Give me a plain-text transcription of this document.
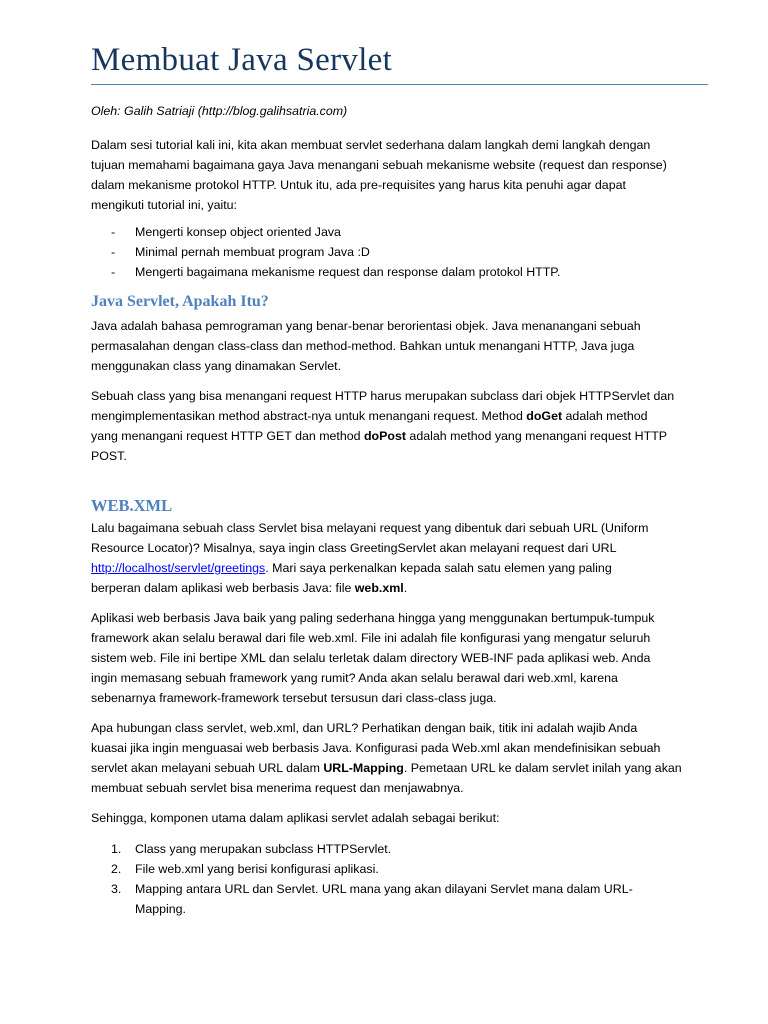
Membuat Java Servlet
Oleh: Galih Satriaji (http://blog.galihsatria.com)
Dalam sesi tutorial kali ini, kita akan membuat servlet sederhana dalam langkah demi langkah dengan
tujuan memahami bagaimana gaya Java menangani sebuah mekanisme website (request dan response)
dalam mekanisme protokol HTTP. Untuk itu, ada pre-requisites yang harus kita penuhi agar dapat
mengikuti tutorial ini, yaitu:
- Mengerti konsep object oriented Java
- Minimal pernah membuat program Java :D
- Mengerti bagaimana mekanisme request dan response dalam protokol HTTP.
Java Servlet, Apakah Itu?
Java adalah bahasa pemrograman yang benar-benar berorientasi objek. Java menanangani sebuah
permasalahan dengan class-class dan method-method. Bahkan untuk menangani HTTP, Java juga
menggunakan class yang dinamakan Servlet.
Sebuah class yang bisa menangani request HTTP harus merupakan subclass dari objek HTTPServlet dan
mengimplementasikan method abstract-nya untuk menangani request. Method doGet adalah method
yang menangani request HTTP GET dan method doPost adalah method yang menangani request HTTP
POST.
WEB.XML
Lalu bagaimana sebuah class Servlet bisa melayani request yang dibentuk dari sebuah URL (Uniform
Resource Locator)? Misalnya, saya ingin class GreetingServlet akan melayani request dari URL
http://localhost/servlet/greetings. Mari saya perkenalkan kepada salah satu elemen yang paling
berperan dalam aplikasi web berbasis Java: file web.xml.
Aplikasi web berbasis Java baik yang paling sederhana hingga yang menggunakan bertumpuk-tumpuk
framework akan selalu berawal dari file web.xml. File ini adalah file konfigurasi yang mengatur seluruh
sistem web. File ini bertipe XML dan selalu terletak dalam directory WEB-INF pada aplikasi web. Anda
ingin memasang sebuah framework yang rumit? Anda akan selalu berawal dari web.xml, karena
sebenarnya framework-framework tersebut tersusun dari class-class juga.
Apa hubungan class servlet, web.xml, dan URL? Perhatikan dengan baik, titik ini adalah wajib Anda
kuasai jika ingin menguasai web berbasis Java. Konfigurasi pada Web.xml akan mendefinisikan sebuah
servlet akan melayani sebuah URL dalam URL-Mapping. Pemetaan URL ke dalam servlet inilah yang akan
membuat sebuah servlet bisa menerima request dan menjawabnya.
Sehingga, komponen utama dalam aplikasi servlet adalah sebagai berikut:
1. Class yang merupakan subclass HTTPServlet.
2. File web.xml yang berisi konfigurasi aplikasi.
3. Mapping antara URL dan Servlet. URL mana yang akan dilayani Servlet mana dalam URL-
Mapping.
